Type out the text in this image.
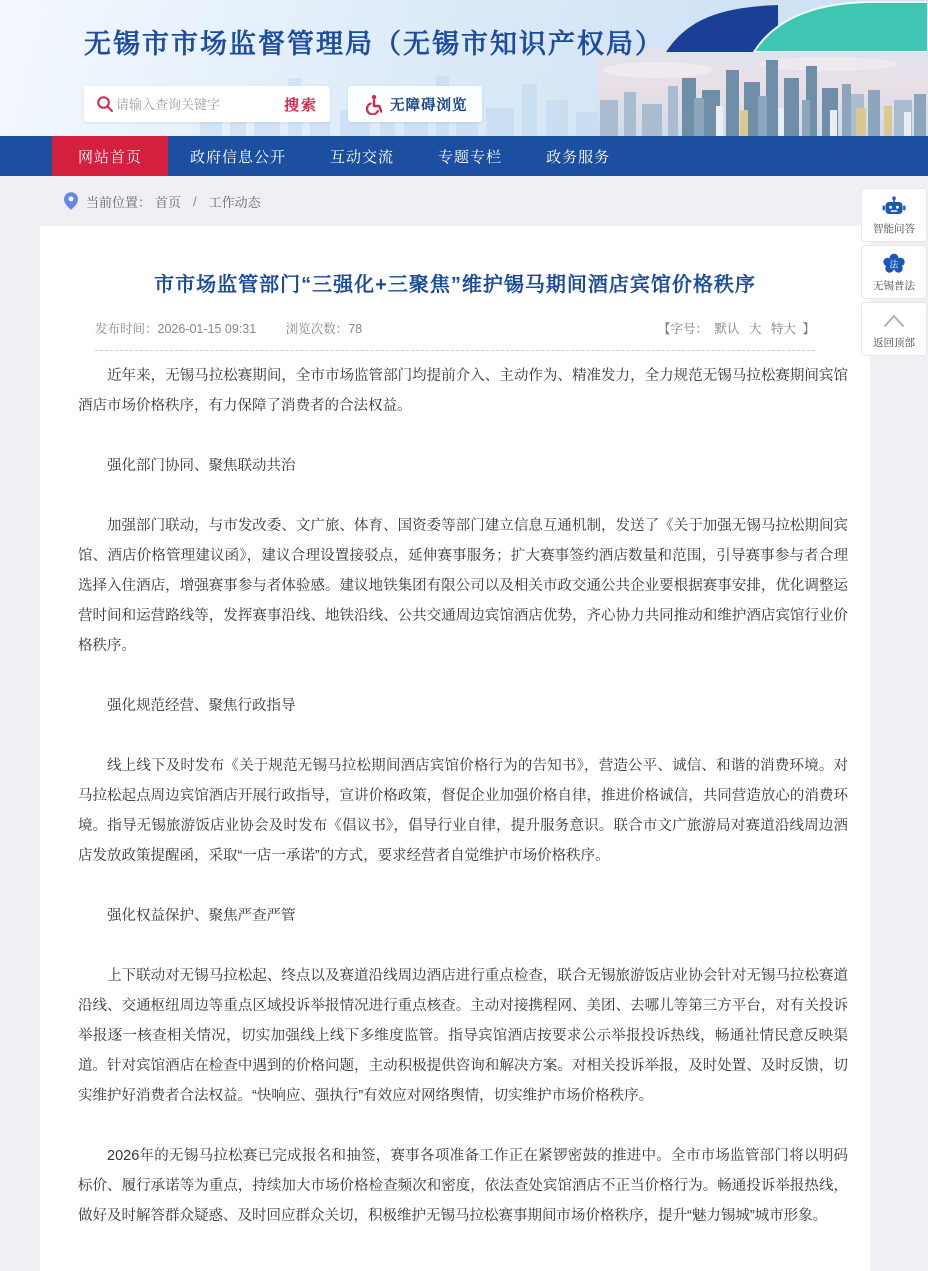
无锡市市场监督管理局（无锡市知识产权局）
请输入查询关键字
搜索	无障碍浏览
网站首页	政府信息公开	互动交流	专题专栏	政务服务
当前位置： 首页 / 工作动态
市市场监管部门“三强化+三聚焦”维护锡马期间酒店宾馆价格秩序
发布时间：2026-01-15 09:31 浏览次数：78	【字号： 默认 大 特大 】

近年来，无锡马拉松赛期间，全市市场监管部门均提前介入、主动作为、精准发力，全力规范无锡马拉松赛期间宾馆酒店市场价格秩序，有力保障了消费者的合法权益。

强化部门协同、聚焦联动共治

加强部门联动，与市发改委、文广旅、体育、国资委等部门建立信息互通机制，发送了《关于加强无锡马拉松期间宾馆、酒店价格管理建议函》，建议合理设置接驳点，延伸赛事服务；扩大赛事签约酒店数量和范围，引导赛事参与者合理选择入住酒店，增强赛事参与者体验感。建议地铁集团有限公司以及相关市政交通公共企业要根据赛事安排，优化调整运营时间和运营路线等，发挥赛事沿线、地铁沿线、公共交通周边宾馆酒店优势，齐心协力共同推动和维护酒店宾馆行业价格秩序。

强化规范经营、聚焦行政指导

线上线下及时发布《关于规范无锡马拉松期间酒店宾馆价格行为的告知书》，营造公平、诚信、和谐的消费环境。对马拉松起点周边宾馆酒店开展行政指导，宣讲价格政策，督促企业加强价格自律，推进价格诚信，共同营造放心的消费环境。指导无锡旅游饭店业协会及时发布《倡议书》，倡导行业自律，提升服务意识。联合市文广旅游局对赛道沿线周边酒店发放政策提醒函，采取“一店一承诺”的方式，要求经营者自觉维护市场价格秩序。

强化权益保护、聚焦严查严管

上下联动对无锡马拉松起、终点以及赛道沿线周边酒店进行重点检查，联合无锡旅游饭店业协会针对无锡马拉松赛道沿线、交通枢纽周边等重点区域投诉举报情况进行重点核查。主动对接携程网、美团、去哪儿等第三方平台，对有关投诉举报逐一核查相关情况，切实加强线上线下多维度监管。指导宾馆酒店按要求公示举报投诉热线，畅通社情民意反映渠道。针对宾馆酒店在检查中遇到的价格问题，主动积极提供咨询和解决方案。对相关投诉举报，及时处置、及时反馈，切实维护好消费者合法权益。“快响应、强执行”有效应对网络舆情，切实维护市场价格秩序。

2026年的无锡马拉松赛已完成报名和抽签，赛事各项准备工作正在紧锣密鼓的推进中。全市市场监管部门将以明码标价、履行承诺等为重点，持续加大市场价格检查频次和密度，依法查处宾馆酒店不正当价格行为。畅通投诉举报热线，做好及时解答群众疑惑、及时回应群众关切，积极维护无锡马拉松赛事期间市场价格秩序，提升“魅力锡城”城市形象。

智能问答
法
无锡普法
返回顶部
